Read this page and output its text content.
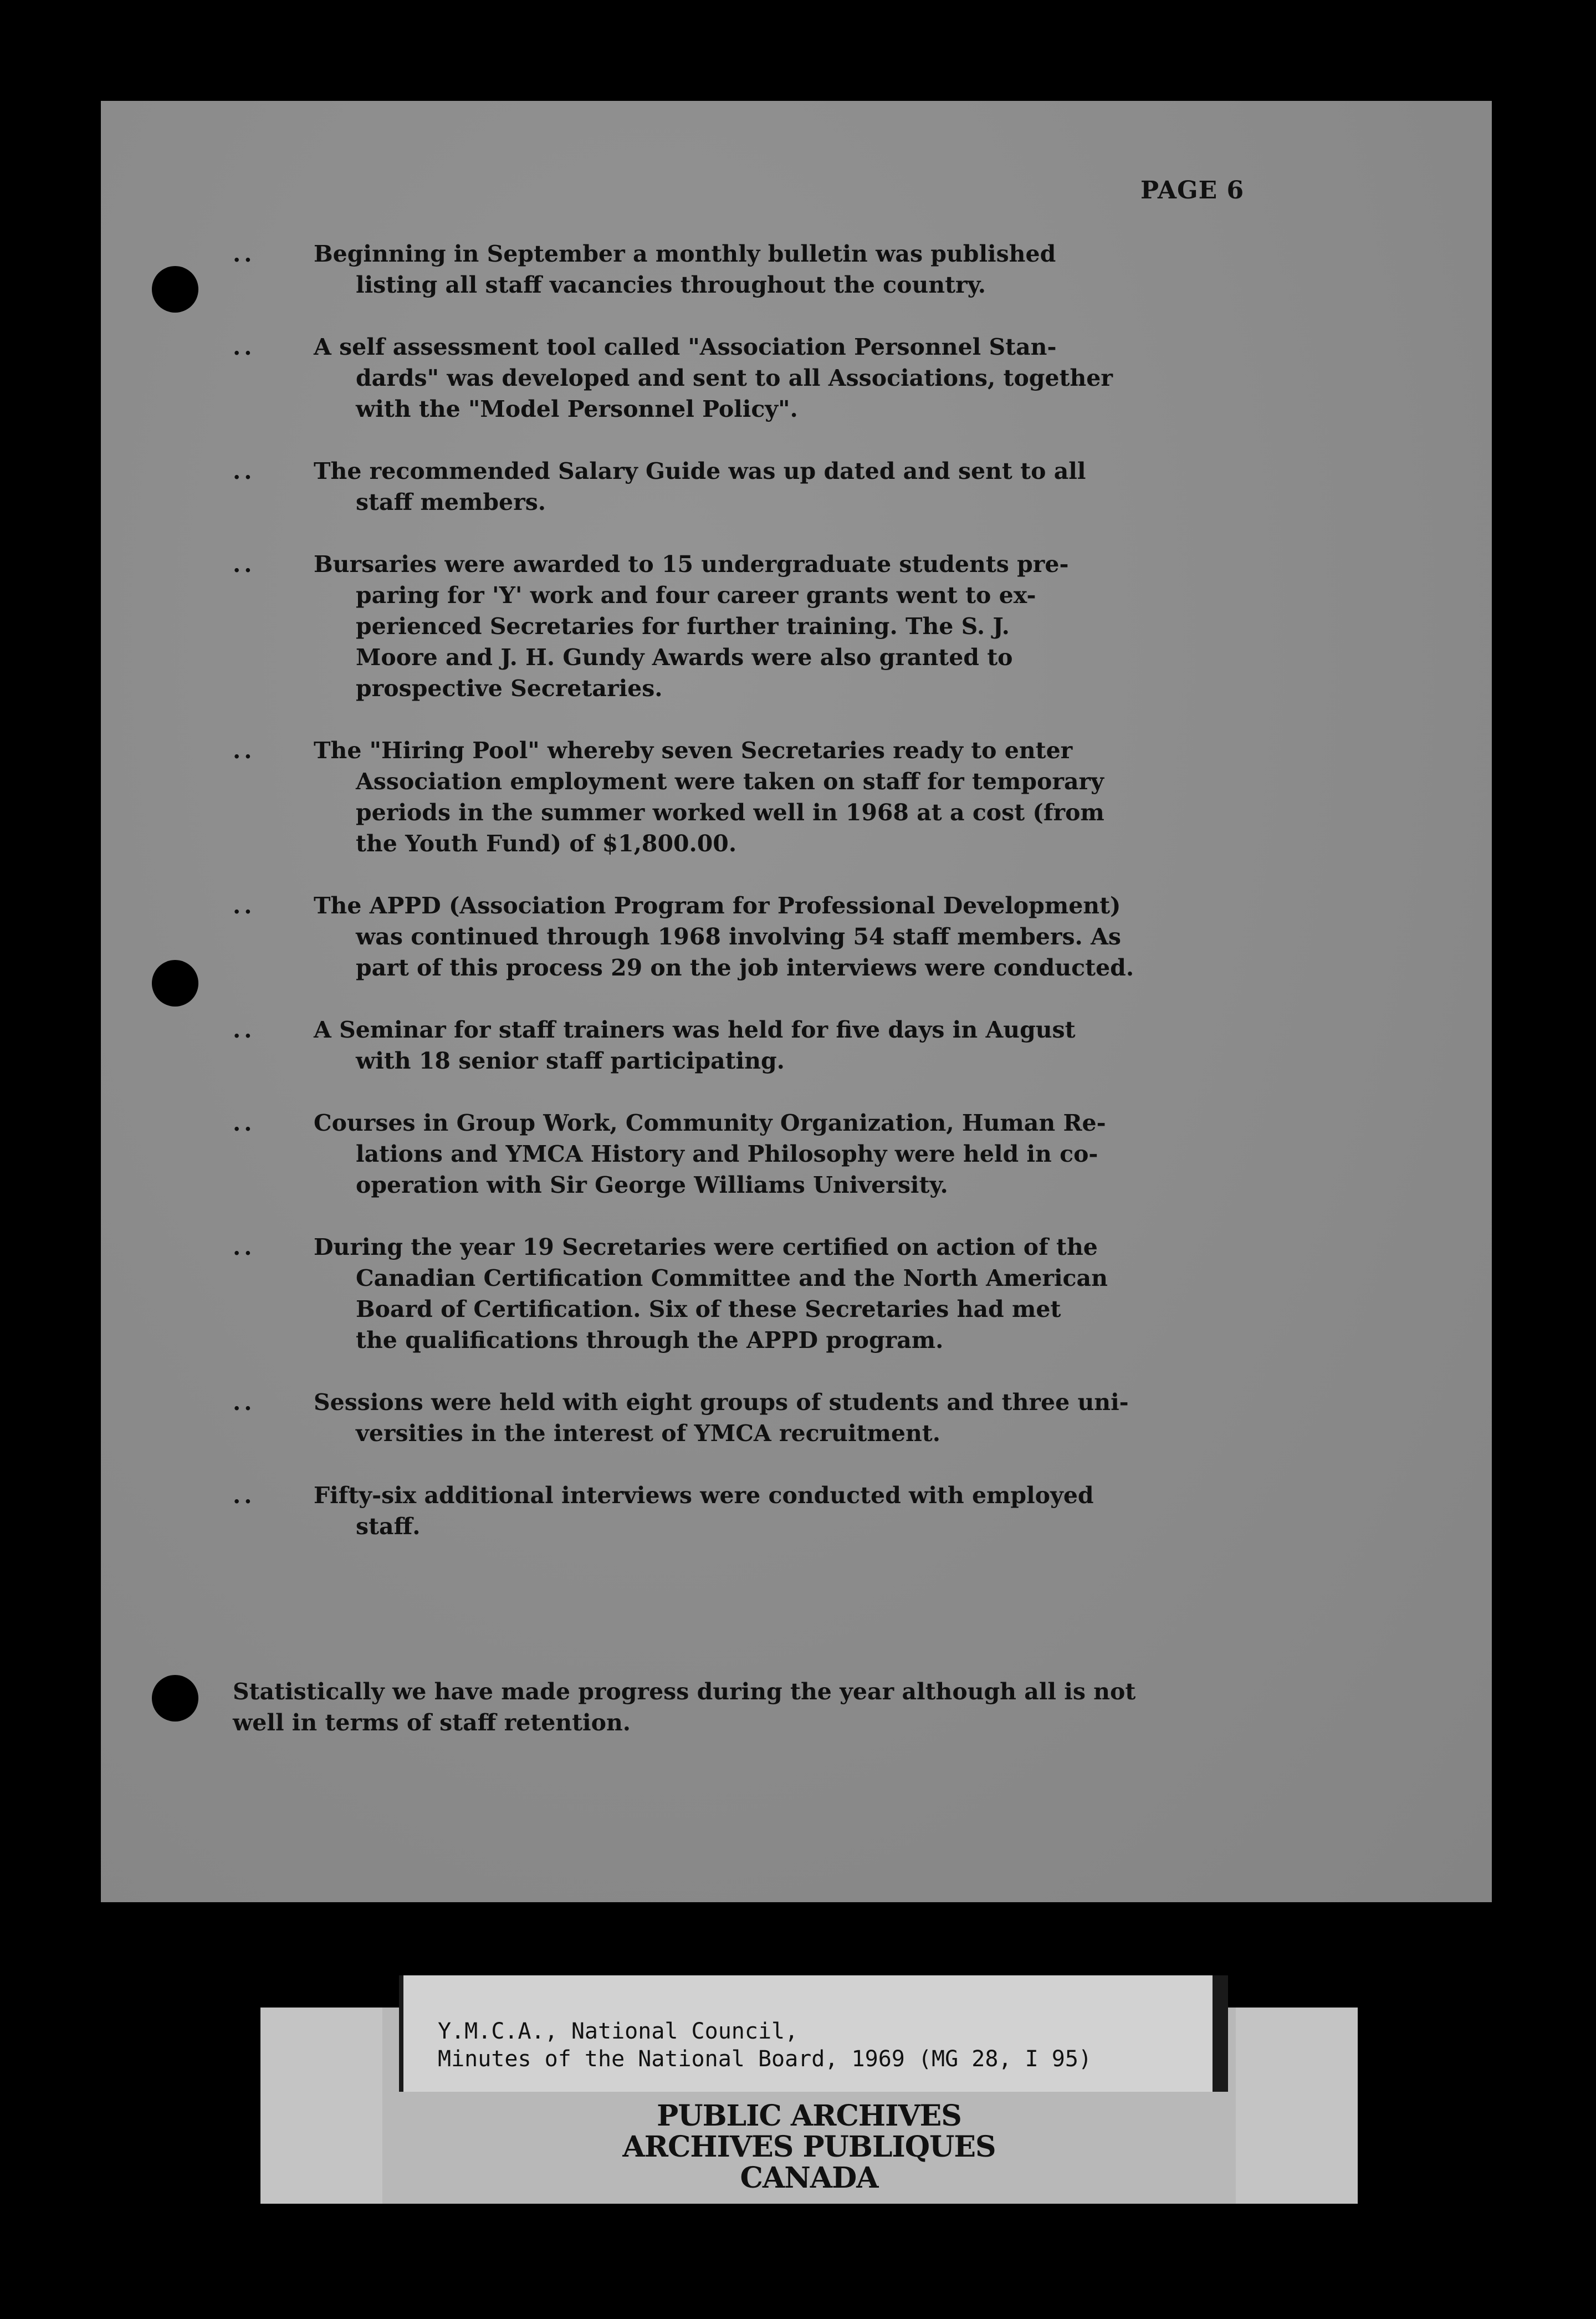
PAGE 6
..	Beginning in September a monthly bulletin was published
listing all staff vacancies throughout the country.
..	A self assessment tool called "Association Personnel Stan-
dards" was developed and sent to all Associations, together
with the "Model Personnel Policy".
..	The recommended Salary Guide was up dated and sent to all
staff members.
..	Bursaries were awarded to 15 undergraduate students pre-
paring for 'Y' work and four career grants went to ex-
perienced Secretaries for further training. The S. J.
Moore and J. H. Gundy Awards were also granted to
prospective Secretaries.
..	The "Hiring Pool" whereby seven Secretaries ready to enter
Association employment were taken on staff for temporary
periods in the summer worked well in 1968 at a cost (from
the Youth Fund) of $1,800.00.
..	The APPD (Association Program for Professional Development)
was continued through 1968 involving 54 staff members. As
part of this process 29 on the job interviews were conducted.
..	A Seminar for staff trainers was held for five days in August
with 18 senior staff participating.
..	Courses in Group Work, Community Organization, Human Re-
lations and YMCA History and Philosophy were held in co-
operation with Sir George Williams University.
..	During the year 19 Secretaries were certified on action of the
Canadian Certification Committee and the North American
Board of Certification. Six of these Secretaries had met
the qualifications through the APPD program.
..	Sessions were held with eight groups of students and three uni-
versities in the interest of YMCA recruitment.
..	Fifty-six additional interviews were conducted with employed
staff.

Statistically we have made progress during the year although all is not
well in terms of staff retention.

Y.M.C.A., National Council,
Minutes of the National Board, 1969 (MG 28, I 95)
PUBLIC ARCHIVES
ARCHIVES PUBLIQUES
CANADA
